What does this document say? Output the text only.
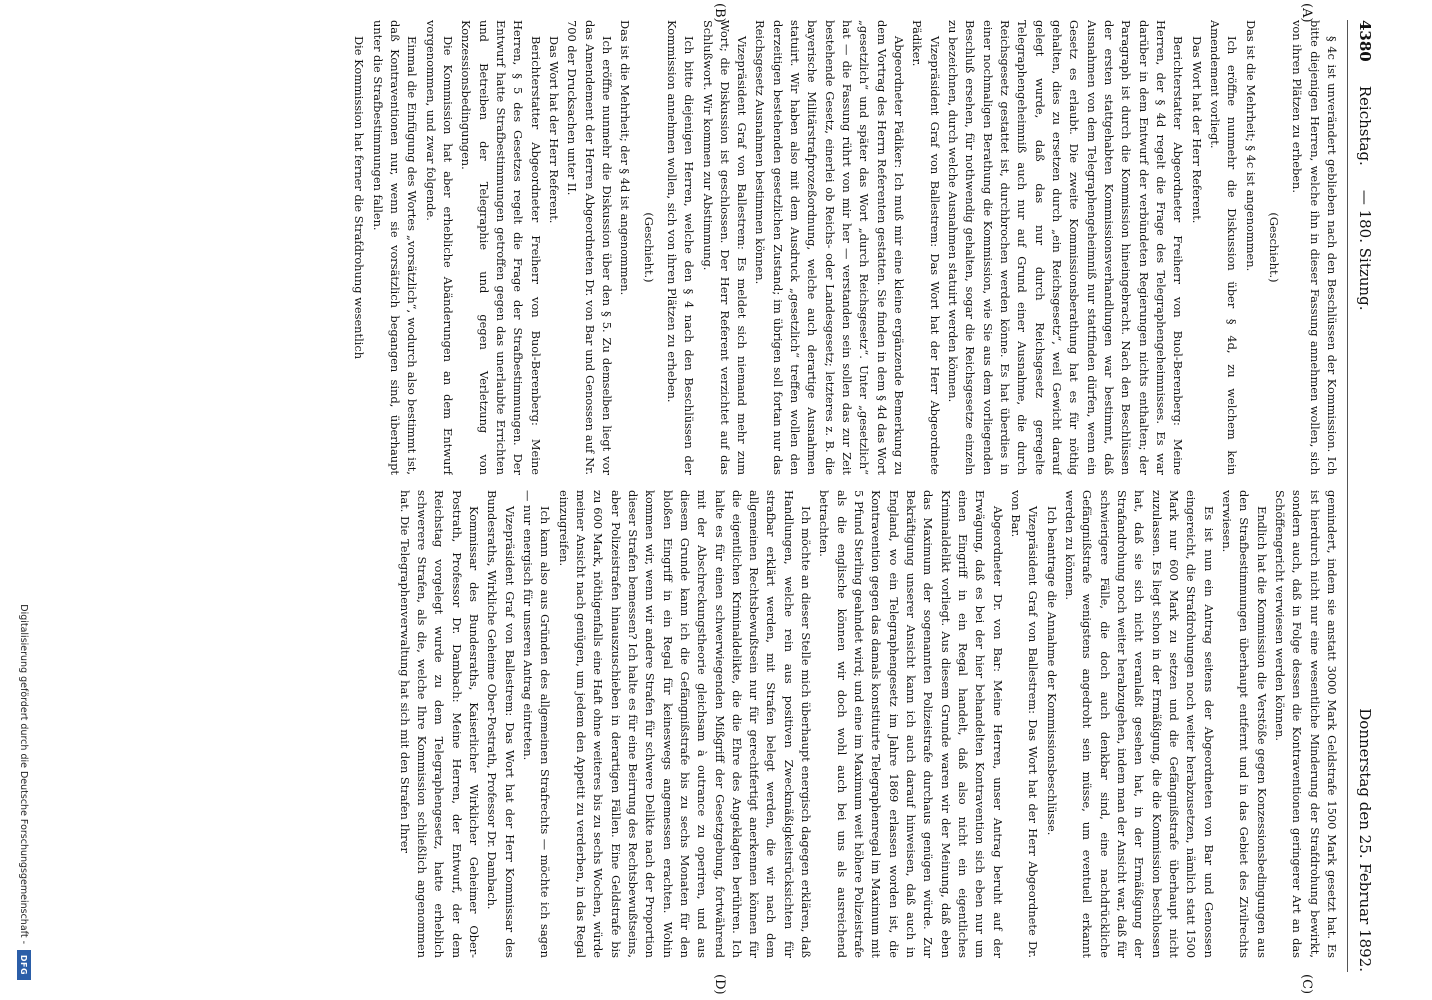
4380
Reichstag.
— 180. Sitzung.
Donnerstag den 25. Februar 1892.
(A)
(B)
(C)
(D)

§ 4c ist unverändert geblieben nach den Beschlüssen der Kommission. Ich bitte diejenigen Herren, welche ihn in dieser Fassung annehmen wollen, sich von ihren Plätzen zu erheben.

(Geschieht.)

Das ist die Mehrheit; § 4c ist angenommen.

Ich eröffne nunmehr die Diskussion über § 4d, zu welchem kein Amendement vorliegt.

Das Wort hat der Herr Referent.

Berichterstatter Abgeordneter Freiherr von Buol-Berenberg: Meine Herren, der § 4d regelt die Frage des Telegraphengeheimnisses. Es war darüber in dem Entwurf der verbündeten Regierungen nichts enthalten; der Paragraph ist durch die Kommission hineingebracht. Nach den Beschlüssen der ersten stattgehabten Kommissionsverhandlungen war bestimmt, daß Ausnahmen von dem Telegraphengeheimniß nur stattfinden dürfen, wenn ein Gesetz es erlaubt. Die zweite Kommissionsberathung hat es für nöthig gehalten, dies zu ersetzen durch „ein Reichsgesetz“, weil Gewicht darauf gelegt wurde, daß das nur durch Reichsgesetz geregelte Telegraphengeheimniß auch nur auf Grund einer Ausnahme, die durch Reichsgesetz gestattet ist, durchbrochen werden könne. Es hat überdies in einer nochmaligen Berathung die Kommission, wie Sie aus dem vorliegenden Beschluß ersehen, für nothwendig gehalten, sogar die Reichsgesetze einzeln zu bezeichnen, durch welche Ausnahmen statuirt werden können.

Vizepräsident Graf von Ballestrem: Das Wort hat der Herr Abgeordnete Pädiker.

Abgeordneter Pädiker: Ich muß mir eine kleine ergänzende Bemerkung zu dem Vortrag des Herrn Referenten gestatten. Sie finden in dem § 4d das Wort „gesetzlich“ und später das Wort „durch Reichsgesetz“. Unter „gesetzlich“ hat — die Fassung rührt von mir her — verstanden sein sollen das zur Zeit bestehende Gesetz, einerlei ob Reichs- oder Landesgesetz; letzteres z. B. die bayerische Militärstrafprozeßordnung, welche auch derartige Ausnahmen statuirt. Wir haben also mit dem Ausdruck „gesetzlich“ treffen wollen den derzeitigen bestehenden gesetzlichen Zustand; im übrigen soll fortan nur das Reichsgesetz Ausnahmen bestimmen können.

Vizepräsident Graf von Ballestrem: Es meldet sich niemand mehr zum Wort; die Diskussion ist geschlossen. Der Herr Referent verzichtet auf das Schlußwort. Wir kommen zur Abstimmung.

Ich bitte diejenigen Herren, welche den § 4 nach den Beschlüssen der Kommission annehmen wollen, sich von ihren Plätzen zu erheben.

(Geschieht.)

Das ist die Mehrheit; der § 4d ist angenommen.

Ich eröffne nunmehr die Diskussion über den § 5. Zu demselben liegt vor das Amendement der Herren Abgeordneten Dr. von Bar und Genossen auf Nr. 700 der Drucksachen unter II.

Das Wort hat der Herr Referent.

Berichterstatter Abgeordneter Freiherr von Buol-Berenberg: Meine Herren, § 5 des Gesetzes regelt die Frage der Strafbestimmungen. Der Entwurf hatte Strafbestimmungen getroffen gegen das unerlaubte Errichten und Betreiben der Telegraphie und gegen Verletzung von Konzessionsbedingungen.

Die Kommission hat aber erhebliche Abänderungen an dem Entwurf vorgenommen, und zwar folgende.

Einmal die Einfügung des Wortes „vorsätzlich“, wodurch also bestimmt ist, daß Kontraventionen nur, wenn sie vorsätzlich begangen sind, überhaupt unter die Strafbestimmungen fallen.

Die Kommission hat ferner die Strafdrohung wesentlich

gemindert, indem sie anstatt 3000 Mark Geldstrafe 1500 Mark gesetzt hat. Es ist hierdurch nicht nur eine wesentliche Minderung der Strafdrohung bewirkt, sondern auch, daß in Folge dessen die Kontraventionen geringerer Art an das Schöffengericht verwiesen werden können.

Endlich hat die Kommission die Verstöße gegen Konzessionsbedingungen aus den Strafbestimmungen überhaupt entfernt und in das Gebiet des Zivilrechts verwiesen.

Es ist nun ein Antrag seitens der Abgeordneten von Bar und Genossen eingereicht, die Strafdrohungen noch weiter herabzusetzen, nämlich statt 1500 Mark nur 600 Mark zu setzen und die Gefängnißstrafe überhaupt nicht zuzulassen. Es liegt schon in der Ermäßigung, die die Kommission beschlossen hat, daß sie sich nicht veranlaßt gesehen hat, in der Ermäßigung der Strafandrohung noch weiter herabzugehen, indem man der Ansicht war, daß für schwierigere Fälle, die doch auch denkbar sind, eine nachdrückliche Gefängnißstrafe wenigstens angedroht sein müsse, um eventuell erkannt werden zu können.

Ich beantrage die Annahme der Kommissionsbeschlüsse.

Vizepräsident Graf von Ballestrem: Das Wort hat der Herr Abgeordnete Dr. von Bar.

Abgeordneter Dr. von Bar: Meine Herren, unser Antrag beruht auf der Erwägung, daß es bei der hier behandelten Kontravention sich eben nur um einen Eingriff in ein Regal handelt, daß also nicht ein eigentliches Kriminaldelikt vorliegt. Aus diesem Grunde waren wir der Meinung, daß eben das Maximum der sogenannten Polizeistrafe durchaus genügen würde. Zur Bekräftigung unserer Ansicht kann ich auch darauf hinweisen, daß auch in England, wo ein Telegraphengesetz im Jahre 1869 erlassen worden ist, die Kontravention gegen das damals konstituirte Telegraphenregal im Maximum mit 5 Pfund Sterling geahndet wird; und eine im Maximum weit höhere Polizeistrafe als die englische können wir doch wohl auch bei uns als ausreichend betrachten.

Ich möchte an dieser Stelle mich überhaupt energisch dagegen erklären, daß Handlungen, welche rein aus positiven Zweckmäßigkeitsrücksichten für strafbar erklärt werden, mit Strafen belegt werden, die wir nach dem allgemeinen Rechtsbewußtsein nur für gerechtfertigt anerkennen können für die eigentlichen Kriminaldelikte, die die Ehre des Angeklagten berühren. Ich halte es für einen schwerwiegenden Mißgriff der Gesetzgebung, fortwährend mit der Abschreckungstheorie gleichsam à outrance zu operiren, und aus diesem Grunde kann ich die Gefängnißstrafe bis zu sechs Monaten für den bloßen Eingriff in ein Regal für keineswegs angemessen erachten. Wohin kommen wir, wenn wir andere Strafen für schwere Delikte nach der Proportion dieser Strafen bemessen? Ich halte es für eine Beirrung des Rechtsbewußtseins, aber Polizeistrafen hinauszuschieben in derartigen Fällen. Eine Geldstrafe bis zu 600 Mark, nöthigenfalls eine Haft ohne weiteres bis zu sechs Wochen, würde meiner Ansicht nach genügen, um jedem den Appetit zu verderben, in das Regal einzugreifen.

Ich kann also aus Gründen des allgemeinen Strafrechts — möchte ich sagen — nur energisch für unseren Antrag eintreten.

Vizepräsident Graf von Ballestrem: Das Wort hat der Herr Kommissar des Bundesraths, Wirkliche Geheime Ober-Postrath, Professor Dr. Dambach.

Kommissar des Bundesraths, Kaiserlicher Wirklicher Geheimer Ober-Postrath, Professor Dr. Dambach: Meine Herren, der Entwurf, der dem Reichstag vorgelegt wurde zu dem Telegraphengesetz, hatte erheblich schwerere Strafen, als die, welche Ihre Kommission schließlich angenommen hat. Die Telegraphenverwaltung hat sich mit den Strafen Ihrer

Digitalisierung gefördert durch die Deutsche Forschungsgemeinschaft -
DFG
